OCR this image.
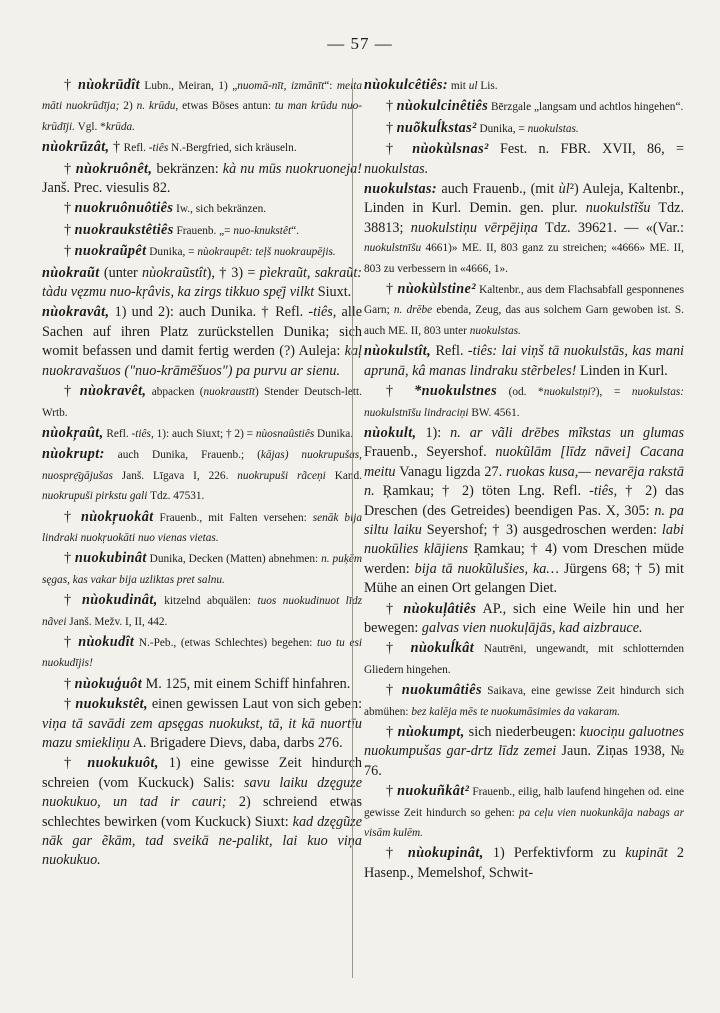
— 57 —

† nùokrūdît Lubn., Meiran, 1) „nuomā-nīt, izmānīt“: meita māti nuokrūdīja; 2) n. krūdu, etwas Böses antun: tu man krūdu nuo-krūdīji. Vgl. *krūda.

nùokrūzât, † Refl. -tiês N.-Bergfried, sich kräuseln.

† nùokruônêt, bekränzen: kà nu mūs nuokruoneja! Janš. Prec. viesulis 82.

† nuokruônuôtiês Iw., sich bekränzen.

† nuokraukstêtiês Frauenb. „= nuo-knukstêt“.

† nuokraũpêt Dunika, = nùokraupêt: teļš nuokraupējis.

nùokraũt (unter nùokraũstît), † 3) = pìekraũt, sakraũt: tàdu vęzmu nuo-kŗâvis, ka zirgs tikkuo spẹ̄j vilkt Siuxt.

nùokravât, 1) und 2): auch Dunika. † Refl. -tiês, alle Sachen auf ihren Platz zurückstellen Dunika; sich womit befassen und damit fertig werden (?) Auleja: kaļ nuokravašuos ("nuo-krāmēšuos") pa purvu ar sienu.

† nùokravêt, abpacken (nuokraustīt) Stender Deutsch-lett. Wrtb.

nùokŗaût, Refl. -tiês, 1): auch Siuxt; † 2) = nùosnaûstiês Dunika.

nùokrupt: auch Dunika, Frauenb.; (kājas) nuokrupušas, nuosprẹ̄gājušas Janš. Līgava I, 226. nuokrupuši rãceņi Kand. nuokrupuši pirkstu gali Tdz. 47531.

† nùokŗuokât Frauenb., mit Falten versehen: senāk bija lindraki nuokŗuokāti nuo vienas vietas.

† nuokubinât Dunika, Decken (Matten) abnehmen: n. puķēm sęgas, kas vakar bija uzliktas pret salnu.

† nùokudinât, kitzelnd abquälen: tuos nuokudinuot līdz nãvei Janš. Mežv. I, II, 442.

† nùokudît N.-Peb., (etwas Schlechtes) begehen: tuo tu esi nuokudījis!

† nùokuģuôt M. 125, mit einem Schiff hinfahren.

† nuokukstêt, einen gewissen Laut von sich geben: viņa tā savādi zem apsęgas nuokukst, tā, it kā nuortīu mazu smiekliņu A. Brigadere Dievs, daba, darbs 276.

† nuokukuôt, 1) eine gewisse Zeit hindurch schreien (vom Kuckuck) Salis: savu laiku dzęguze nuokukuo, un tad ir cauri; 2) schreiend etwas schlechtes bewirken (vom Kuckuck) Siuxt: kad dzęgũze nāk gar ẽkām, tad sveikā ne-palikt, lai kuo viņa nuokukuo.

nùokulcêtiês: mit ul Lis.

† nùokulcinêtiês Bērzgale „langsam und achtlos hingehen“.

† nuõkuĺkstas² Dunika, = nuokulstas.

† nùokùlsnas² Fest. n. FBR. XVII, 86, = nuokulstas.

nuokulstas: auch Frauenb., (mit ùl²) Auleja, Kaltenbr., Linden in Kurl. Demin. gen. plur. nuokulstĩšu Tdz. 38813; nuokulstiņu vērpējiņa Tdz. 39621. — «(Var.: nuokulstnīšu 4661)» ME. II, 803 ganz zu streichen; «4666» ME. II, 803 zu verbessern in «4666, 1».

† nùokùlstine² Kaltenbr., aus dem Flachsabfall gesponnenes Garn; n. drēbe ebenda, Zeug, das aus solchem Garn gewoben ist. S. auch ME. II, 803 unter nuokulstas.

nùokulstît, Refl. -tiês: lai viņš tā nuokulstās, kas mani aprunā, kâ manas lindraku stẽrbeles! Linden in Kurl.

† *nuokulstnes (od. *nuokulstņi?), = nuokulstas: nuokulstnīšu lindraciņi BW. 4561.

nùokult, 1): n. ar vãli drēbes mĩkstas un glumas Frauenb., Seyershof. nuokũlām [līdz nāvei] Cacana meitu Vanagu ligzda 27. ruokas kusa,— nevarēja rakstā n. Ŗamkau; † 2) töten Lng. Refl. -tiês, † 2) das Dreschen (des Getreides) beendigen Pas. X, 305: n. pa siltu laiku Seyershof; † 3) ausgedroschen werden: labi nuokūlies klājiens Ŗamkau; † 4) vom Dreschen müde werden: bija tā nuokũlušies, ka… Jürgens 68; † 5) mit Mühe an einen Ort gelangen Diet.

† nùokuļâtiês AP., sich eine Weile hin und her bewegen: galvas vien nuokuļājās, kad aizbrauce.

† nùokuĺkât Nautrēni, ungewandt, mit schlotternden Gliedern hingehen.

† nuokumâtiês Saikava, eine gewisse Zeit hindurch sich abmühen: bez kalēja mēs te nuokumāsimies da vakaram.

† nùokumpt, sich niederbeugen: kuociņu galuotnes nuokumpušas gar-drtz līdz zemei Jaun. Ziņas 1938, № 76.

† nuokuñkât² Frauenb., eilig, halb laufend hingehen od. eine gewisse Zeit hindurch so gehen: pa ceļu vien nuokunkāja nabags ar visām kulēm.

† nùokupinât, 1) Perfektivform zu kupināt 2 Hasenp., Memelshof, Schwit-
